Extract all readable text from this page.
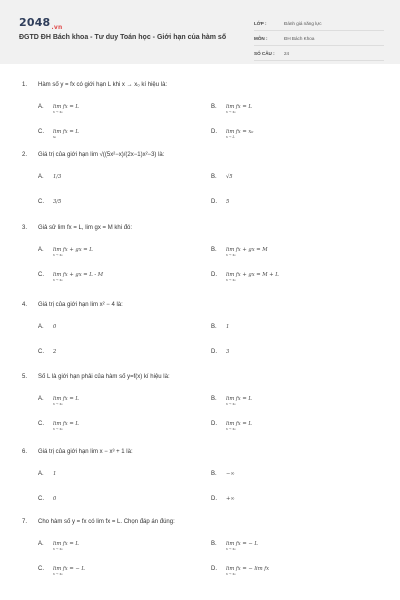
$2048_{.vn}$
ĐGTD ĐH Bách khoa - Tư duy Toán học - Giới hạn của hàm số
LỚP :	Đánh giá năng lực
MÔN :	ĐH Bách Khoa
SỐ CÂU :	24
1. Hàm số y = fx có giới hạn L khi x → x₀ kí hiệu là:
A. lim fx = L
x → x₀
B. lim fx = L
x → x₀
C. lim fx = L
x₀
D. lim fx = x₀
x → L
2. Giá trị của giới hạn lim √((5x²−x)/(2x−1)x²−3) là:
A. 1/3	B. √5
C. 3/5	D. 5
3. Giả sử lim fx = L, lim gx = M khi đó:
A. lim fx + gx = L
x → x₀
B. lim fx + gx = M
x → x₀
C. lim fx + gx = L - M
x → x₀
D. lim fx + gx = M + L
x → x₀
4. Giá trị của giới hạn lim x² − 4 là:
A. 0	B. 1
C. 2	D. 3
5. Số L là giới hạn phải của hàm số y=f(x) kí hiệu là:
A. lim fx = L
x → x₀
B. lim fx = L
x → x₀
C. lim fx = L
x → x₀
D. lim fx = L
x → x₀
6. Giá trị của giới hạn lim x − x³ + 1 là:
A. 1	B. −∞
C. 0	D. +∞
7. Cho hàm số y = fx có lim fx = L. Chọn đáp án đúng:
A. lim fx = L
x → x₀
B. lim fx = − L
x → x₀
C. lim fx = − L
x → x₀
D. lim fx = − lim fx
x → x₀
